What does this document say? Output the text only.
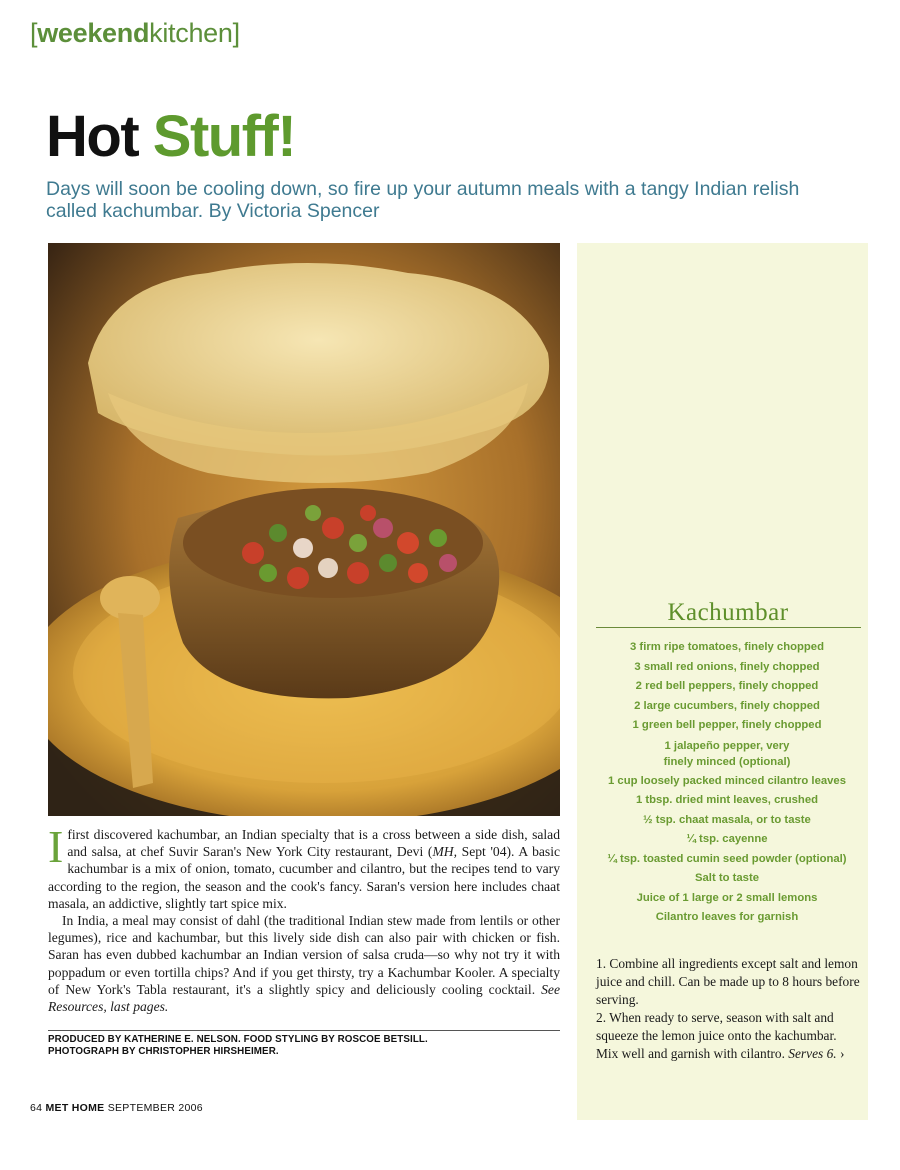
[weekendkitchen]
Hot Stuff!
Days will soon be cooling down, so fire up your autumn meals with a tangy Indian relish called kachumbar. By Victoria Spencer

Ifirst discovered kachumbar, an Indian specialty that is a cross between a side dish, salad and salsa, at chef Suvir Saran's New York City restaurant, Devi (MH, Sept '04). A basic kachumbar is a mix of onion, tomato, cucumber and cilantro, but the recipes tend to vary according to the region, the season and the cook's fancy. Saran's version here includes chaat masala, an addictive, slightly tart spice mix.

In India, a meal may consist of dahl (the traditional Indian stew made from lentils or other legumes), rice and kachumbar, but this lively side dish can also pair with chicken or fish. Saran has even dubbed kachumbar an Indian version of salsa cruda—so why not try it with poppadum or even tortilla chips? And if you get thirsty, try a Kachumbar Kooler. A specialty of New York's Tabla restaurant, it's a slightly spicy and deliciously cooling cocktail. See Resources, last pages.

PRODUCED BY KATHERINE E. NELSON. FOOD STYLING BY ROSCOE BETSILL.
PHOTOGRAPH BY CHRISTOPHER HIRSHEIMER.
64 MET HOME SEPTEMBER 2006
Kachumbar
3 firm ripe tomatoes, finely chopped
3 small red onions, finely chopped
2 red bell peppers, finely chopped
2 large cucumbers, finely chopped
1 green bell pepper, finely chopped
1 jalapeño pepper, very finely minced (optional)
1 cup loosely packed minced cilantro leaves
1 tbsp. dried mint leaves, crushed
½ tsp. chaat masala, or to taste
¼ tsp. cayenne
¼ tsp. toasted cumin seed powder (optional)
Salt to taste
Juice of 1 large or 2 small lemons
Cilantro leaves for garnish

1. Combine all ingredients except salt and lemon juice and chill. Can be made up to 8 hours before serving.

2. When ready to serve, season with salt and squeeze the lemon juice onto the kachumbar. Mix well and garnish with cilantro. Serves 6. ›
